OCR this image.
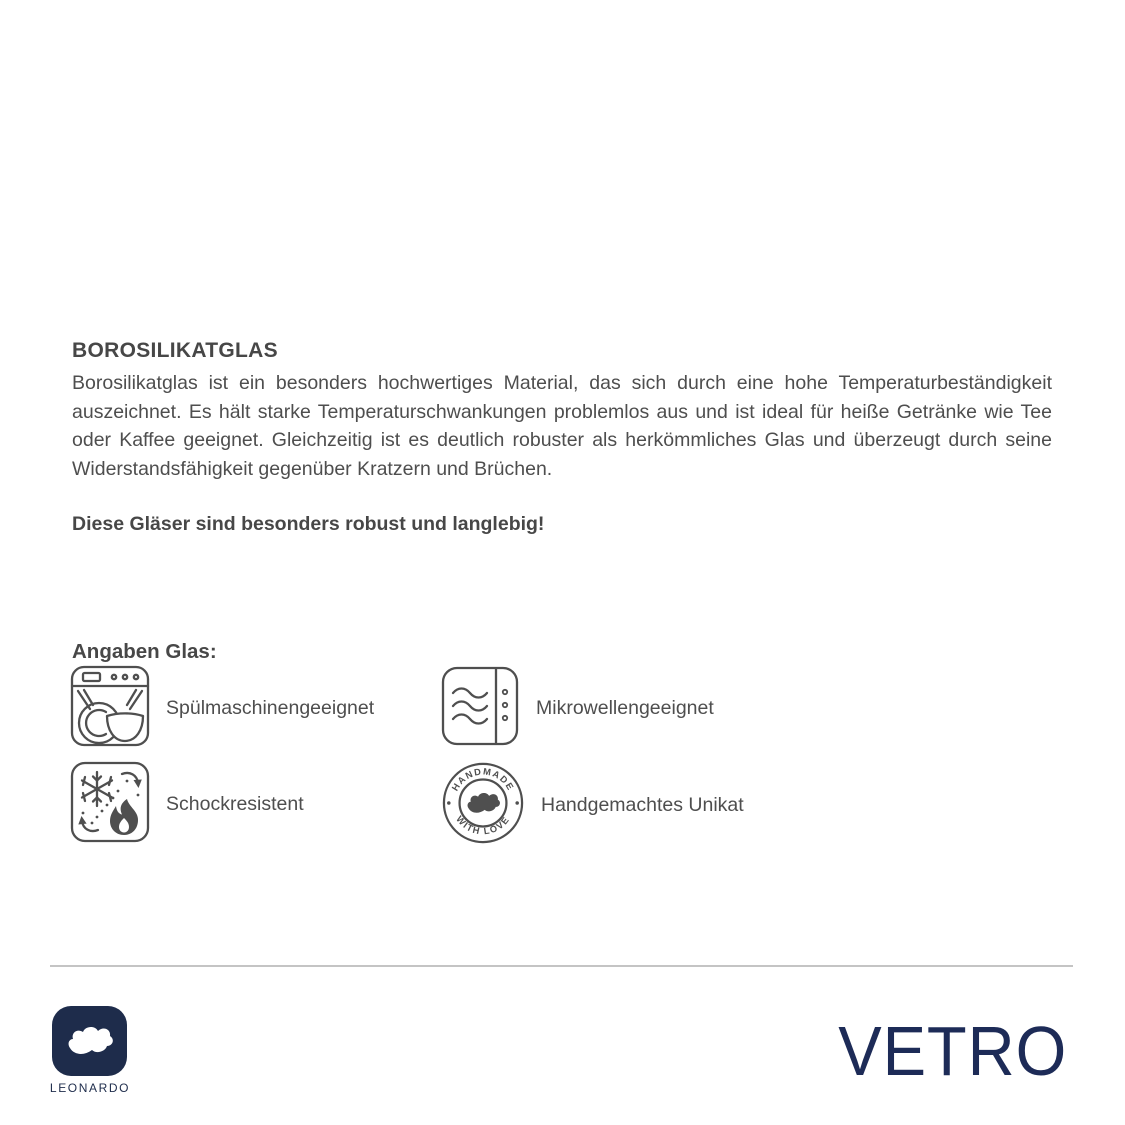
BOROSILIKATGLAS

Borosilikatglas ist ein besonders hochwertiges Material, das sich durch eine hohe Temperaturbeständigkeit auszeichnet. Es hält starke Temperaturschwankungen problemlos aus und ist ideal für heiße Getränke wie Tee oder Kaffee geeignet. Gleichzeitig ist es deutlich robuster als herkömmliches Glas und überzeugt durch seine Widerstandsfähigkeit gegenüber Kratzern und Brüchen.

Diese Gläser sind besonders robust und langlebig!

Angaben Glas:
Spülmaschinengeeignet	Mikrowellengeeignet
Schockresistent
HANDMADE
WITH LOVE
Handgemachtes Unikat
LEONARDO	VETRO
